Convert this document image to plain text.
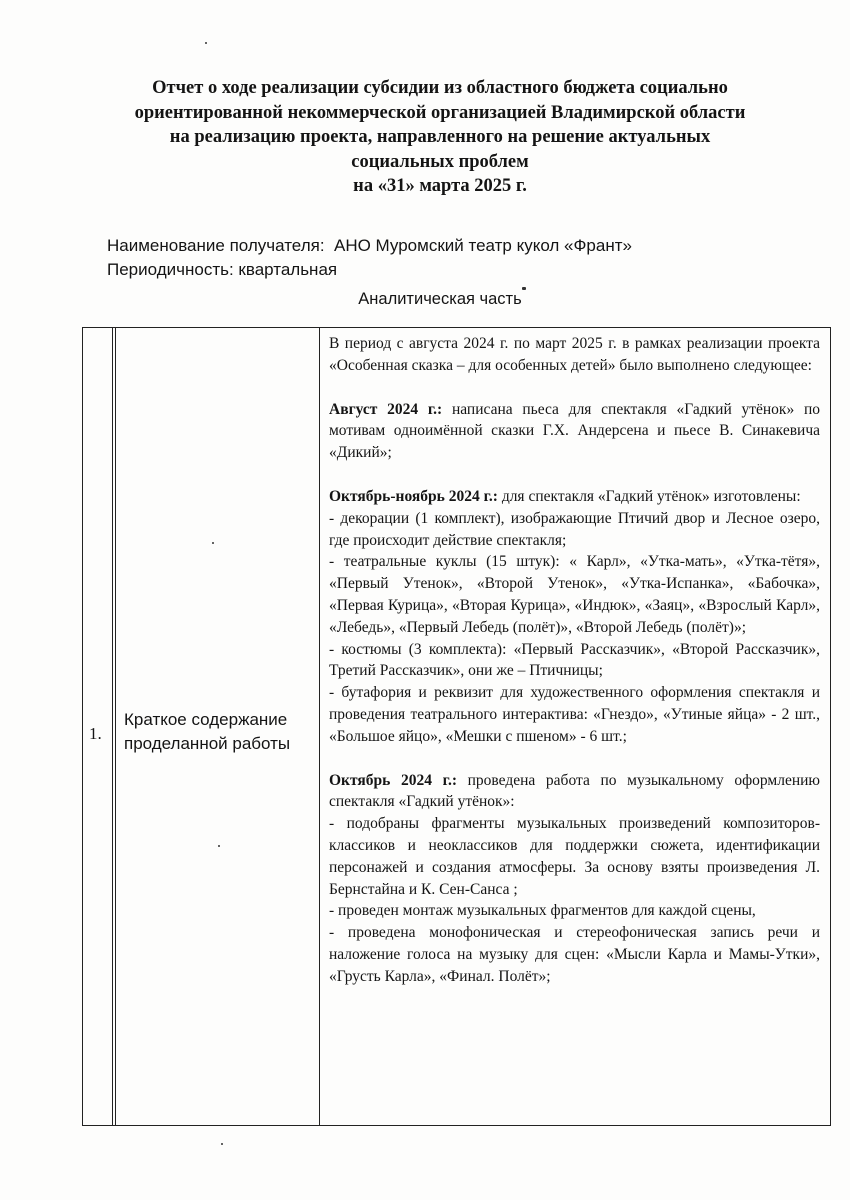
Отчет о ходе реализации субсидии из областного бюджета социально
ориентированной некоммерческой организацией Владимирской области
на реализацию проекта, направленного на решение актуальных
социальных проблем
на «31» марта 2025 г.
Наименование получателя: АНО Муромский театр кукол «Франт»
Периодичность: квартальная
Аналитическая часть
1.
Краткое содержание проделанной работы

В период с августа 2024 г. по март 2025 г. в рамках реализации проекта «Особенная сказка – для особенных детей» было выполнено следующее:

Август 2024 г.: написана пьеса для спектакля «Гадкий утёнок» по мотивам одноимённой сказки Г.Х. Андерсена и пьесе В. Синакевича «Дикий»;

Октябрь-ноябрь 2024 г.: для спектакля «Гадкий утёнок» изготовлены:

- декорации (1 комплект), изображающие Птичий двор и Лесное озеро, где происходит действие спектакля;

- театральные куклы (15 штук): « Карл», «Утка-мать», «Утка-тётя», «Первый Утенок», «Второй Утенок», «Утка-Испанка», «Бабочка», «Первая Курица», «Вторая Курица», «Индюк», «Заяц», «Взрослый Карл», «Лебедь», «Первый Лебедь (полёт)», «Второй Лебедь (полёт)»;

- костюмы (3 комплекта): «Первый Рассказчик», «Второй Рассказчик», Третий Рассказчик», они же – Птичницы;

- бутафория и реквизит для художественного оформления спектакля и проведения театрального интерактива: «Гнездо», «Утиные яйца» - 2 шт., «Большое яйцо», «Мешки с пшеном» - 6 шт.;

Октябрь 2024 г.: проведена работа по музыкальному оформлению спектакля «Гадкий утёнок»:

- подобраны фрагменты музыкальных произведений композиторов-классиков и неоклассиков для поддержки сюжета, идентификации персонажей и создания атмосферы. За основу взяты произведения Л. Бернстайна и К. Сен-Санса ;

- проведен монтаж музыкальных фрагментов для каждой сцены,

- проведена монофоническая и стереофоническая запись речи и наложение голоса на музыку для сцен: «Мысли Карла и Мамы-Утки», «Грусть Карла», «Финал. Полёт»;
